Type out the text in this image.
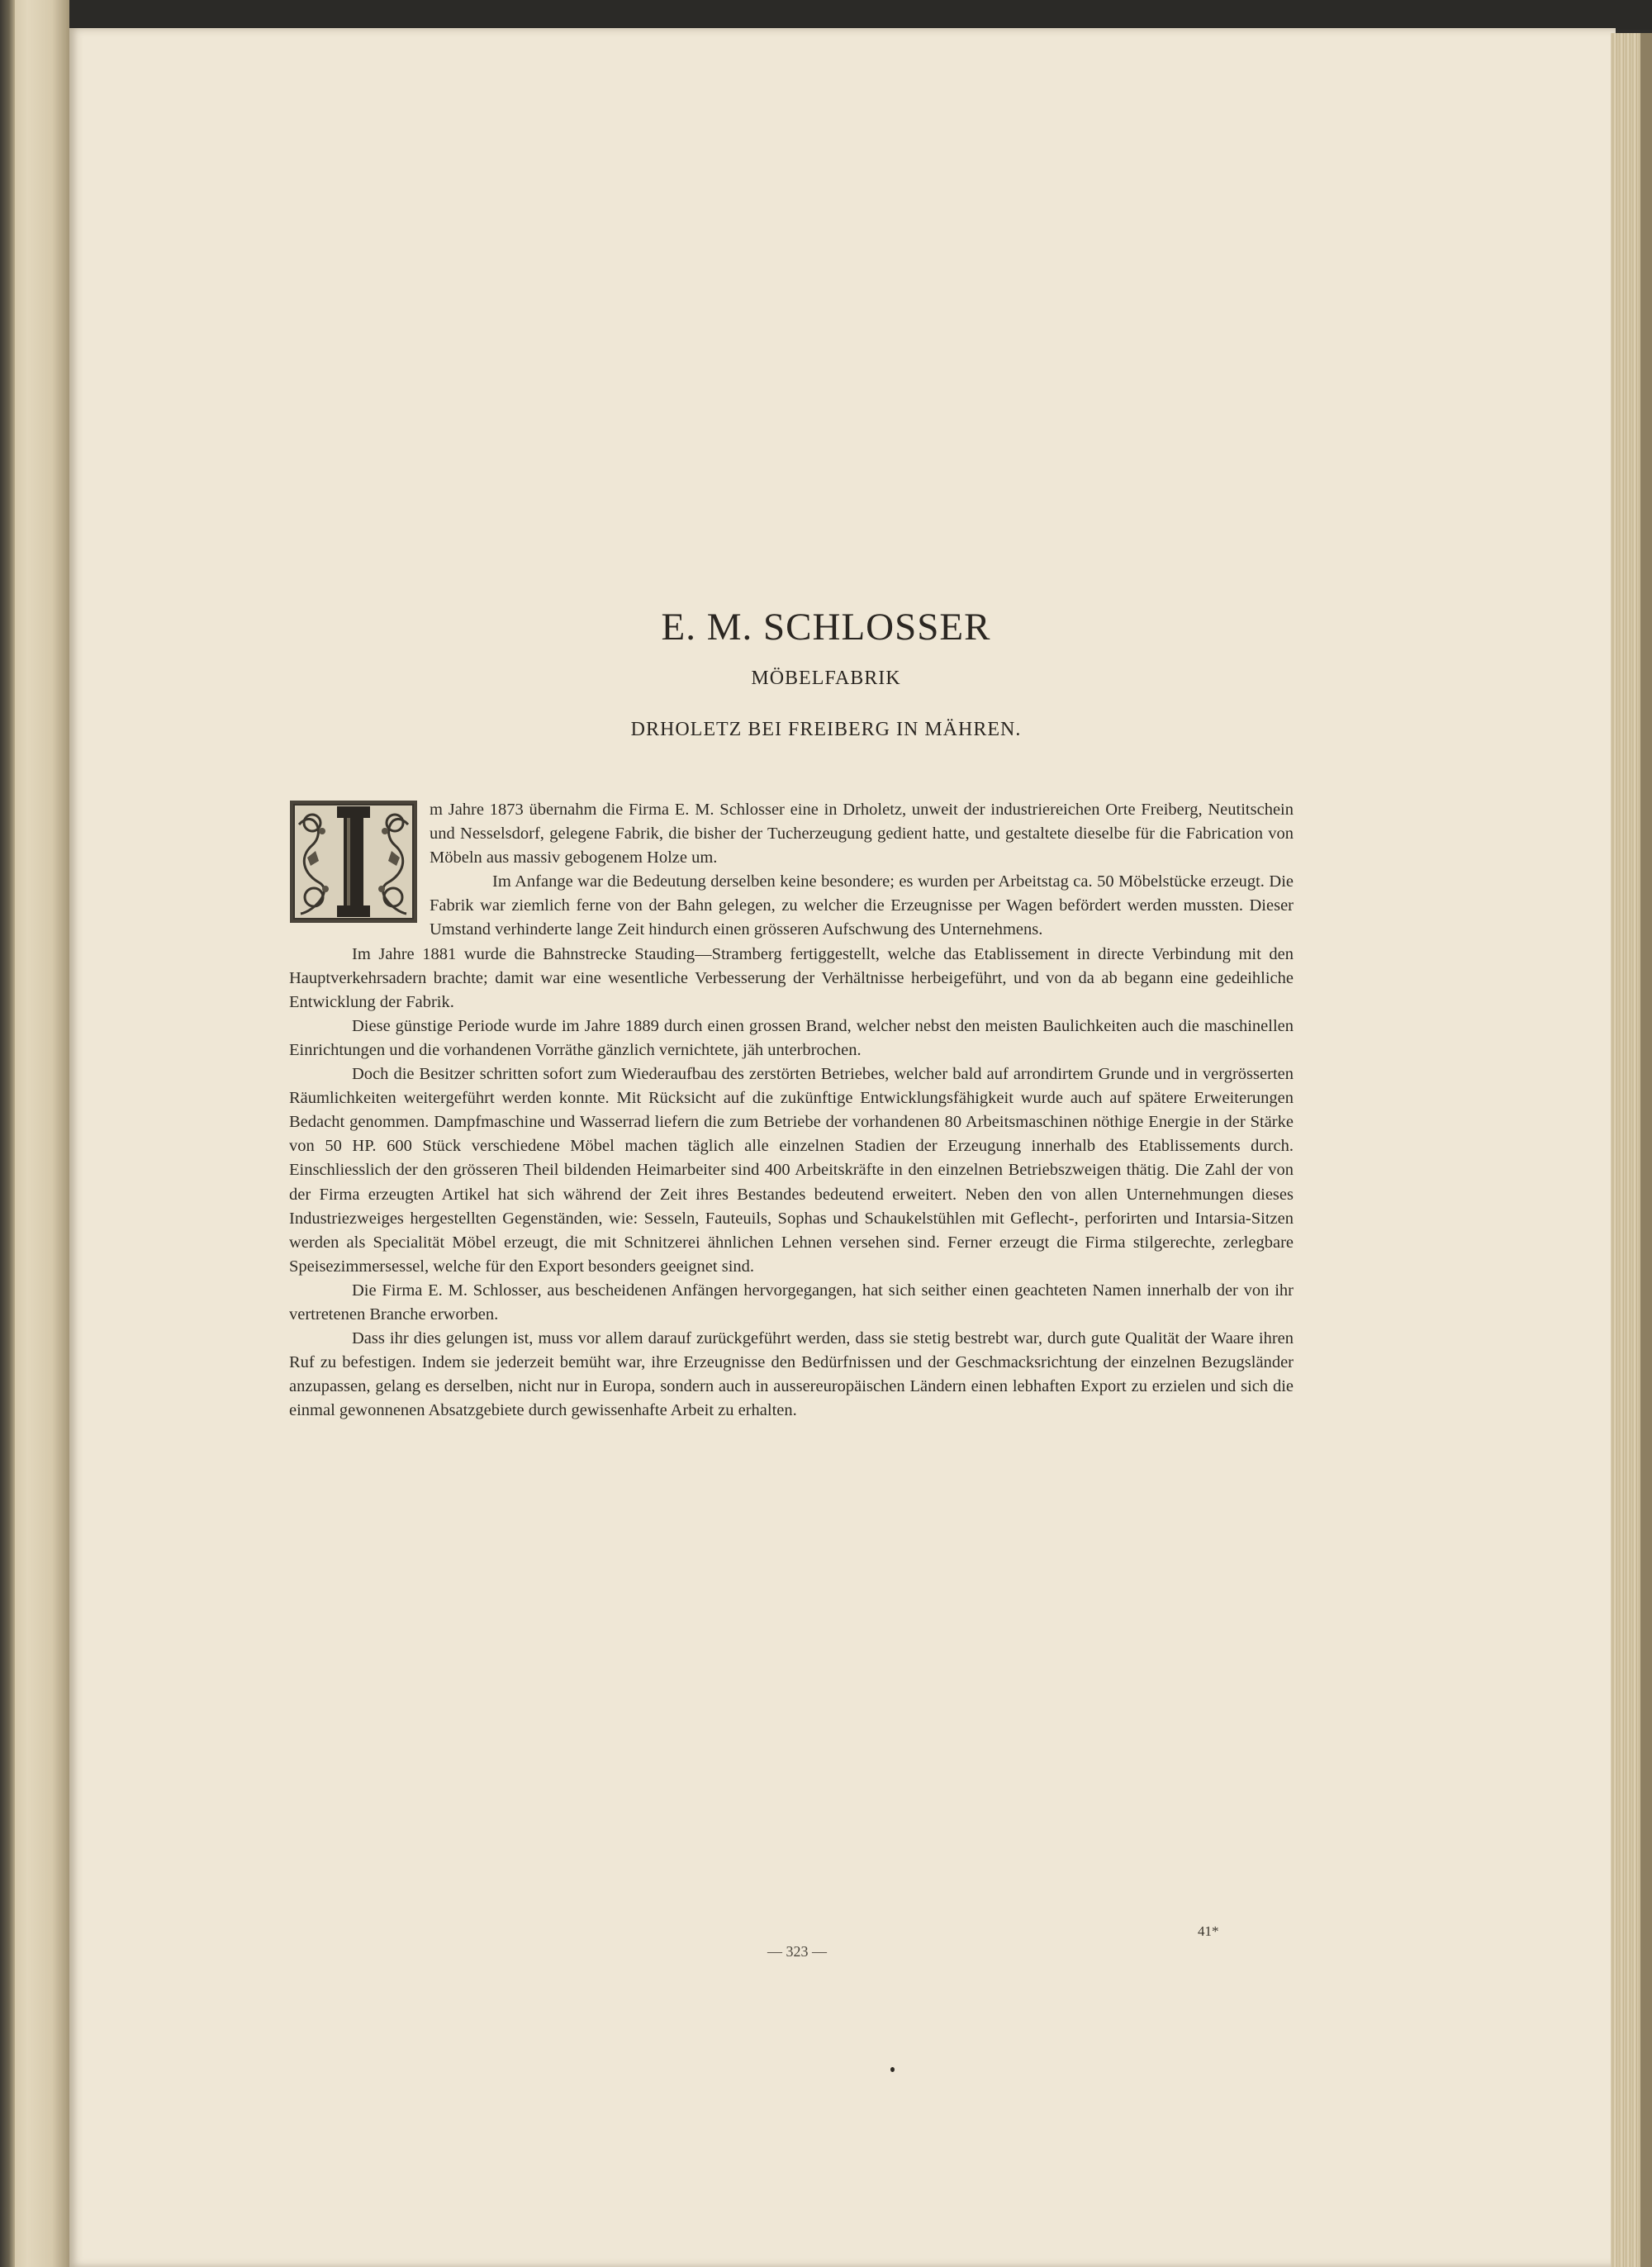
E. M. SCHLOSSER
MÖBELFABRIK
DRHOLETZ BEI FREIBERG IN MÄHREN.

m Jahre 1873 übernahm die Firma E. M. Schlosser eine in Drholetz, unweit der industriereichen Orte Freiberg, Neutitschein und Nesselsdorf, gelegene Fabrik, die bisher der Tucherzeugung gedient hatte, und gestaltete dieselbe für die Fabrication von Möbeln aus massiv gebogenem Holze um.

Im Anfange war die Bedeutung derselben keine besondere; es wurden per Arbeitstag ca. 50 Möbelstücke erzeugt. Die Fabrik war ziemlich ferne von der Bahn gelegen, zu welcher die Erzeugnisse per Wagen befördert werden mussten. Dieser Umstand verhinderte lange Zeit hindurch einen grösseren Aufschwung des Unternehmens.

Im Jahre 1881 wurde die Bahnstrecke Stauding—Stramberg fertiggestellt, welche das Etablissement in directe Verbindung mit den Hauptverkehrsadern brachte; damit war eine wesentliche Verbesserung der Verhältnisse herbeigeführt, und von da ab begann eine gedeihliche Entwicklung der Fabrik.

Diese günstige Periode wurde im Jahre 1889 durch einen grossen Brand, welcher nebst den meisten Baulichkeiten auch die maschinellen Einrichtungen und die vorhandenen Vorräthe gänzlich vernichtete, jäh unterbrochen.

Doch die Besitzer schritten sofort zum Wiederaufbau des zerstörten Betriebes, welcher bald auf arrondirtem Grunde und in vergrösserten Räumlichkeiten weitergeführt werden konnte. Mit Rücksicht auf die zukünftige Entwicklungsfähigkeit wurde auch auf spätere Erweiterungen Bedacht genommen. Dampfmaschine und Wasserrad liefern die zum Betriebe der vorhandenen 80 Arbeitsmaschinen nöthige Energie in der Stärke von 50 HP. 600 Stück verschiedene Möbel machen täglich alle einzelnen Stadien der Erzeugung innerhalb des Etablissements durch. Einschliesslich der den grösseren Theil bildenden Heimarbeiter sind 400 Arbeitskräfte in den einzelnen Betriebszweigen thätig. Die Zahl der von der Firma erzeugten Artikel hat sich während der Zeit ihres Bestandes bedeutend erweitert. Neben den von allen Unternehmungen dieses Industriezweiges hergestellten Gegenständen, wie: Sesseln, Fauteuils, Sophas und Schaukelstühlen mit Geflecht-, perforirten und Intarsia-Sitzen werden als Specialität Möbel erzeugt, die mit Schnitzerei ähnlichen Lehnen versehen sind. Ferner erzeugt die Firma stilgerechte, zerlegbare Speisezimmersessel, welche für den Export besonders geeignet sind.

Die Firma E. M. Schlosser, aus bescheidenen Anfängen hervorgegangen, hat sich seither einen geachteten Namen innerhalb der von ihr vertretenen Branche erworben.

Dass ihr dies gelungen ist, muss vor allem darauf zurückgeführt werden, dass sie stetig bestrebt war, durch gute Qualität der Waare ihren Ruf zu befestigen. Indem sie jederzeit bemüht war, ihre Erzeugnisse den Bedürfnissen und der Geschmacksrichtung der einzelnen Bezugsländer anzupassen, gelang es derselben, nicht nur in Europa, sondern auch in aussereuropäischen Ländern einen lebhaften Export zu erzielen und sich die einmal gewonnenen Absatzgebiete durch gewissenhafte Arbeit zu erhalten.

41*
— 323 —
